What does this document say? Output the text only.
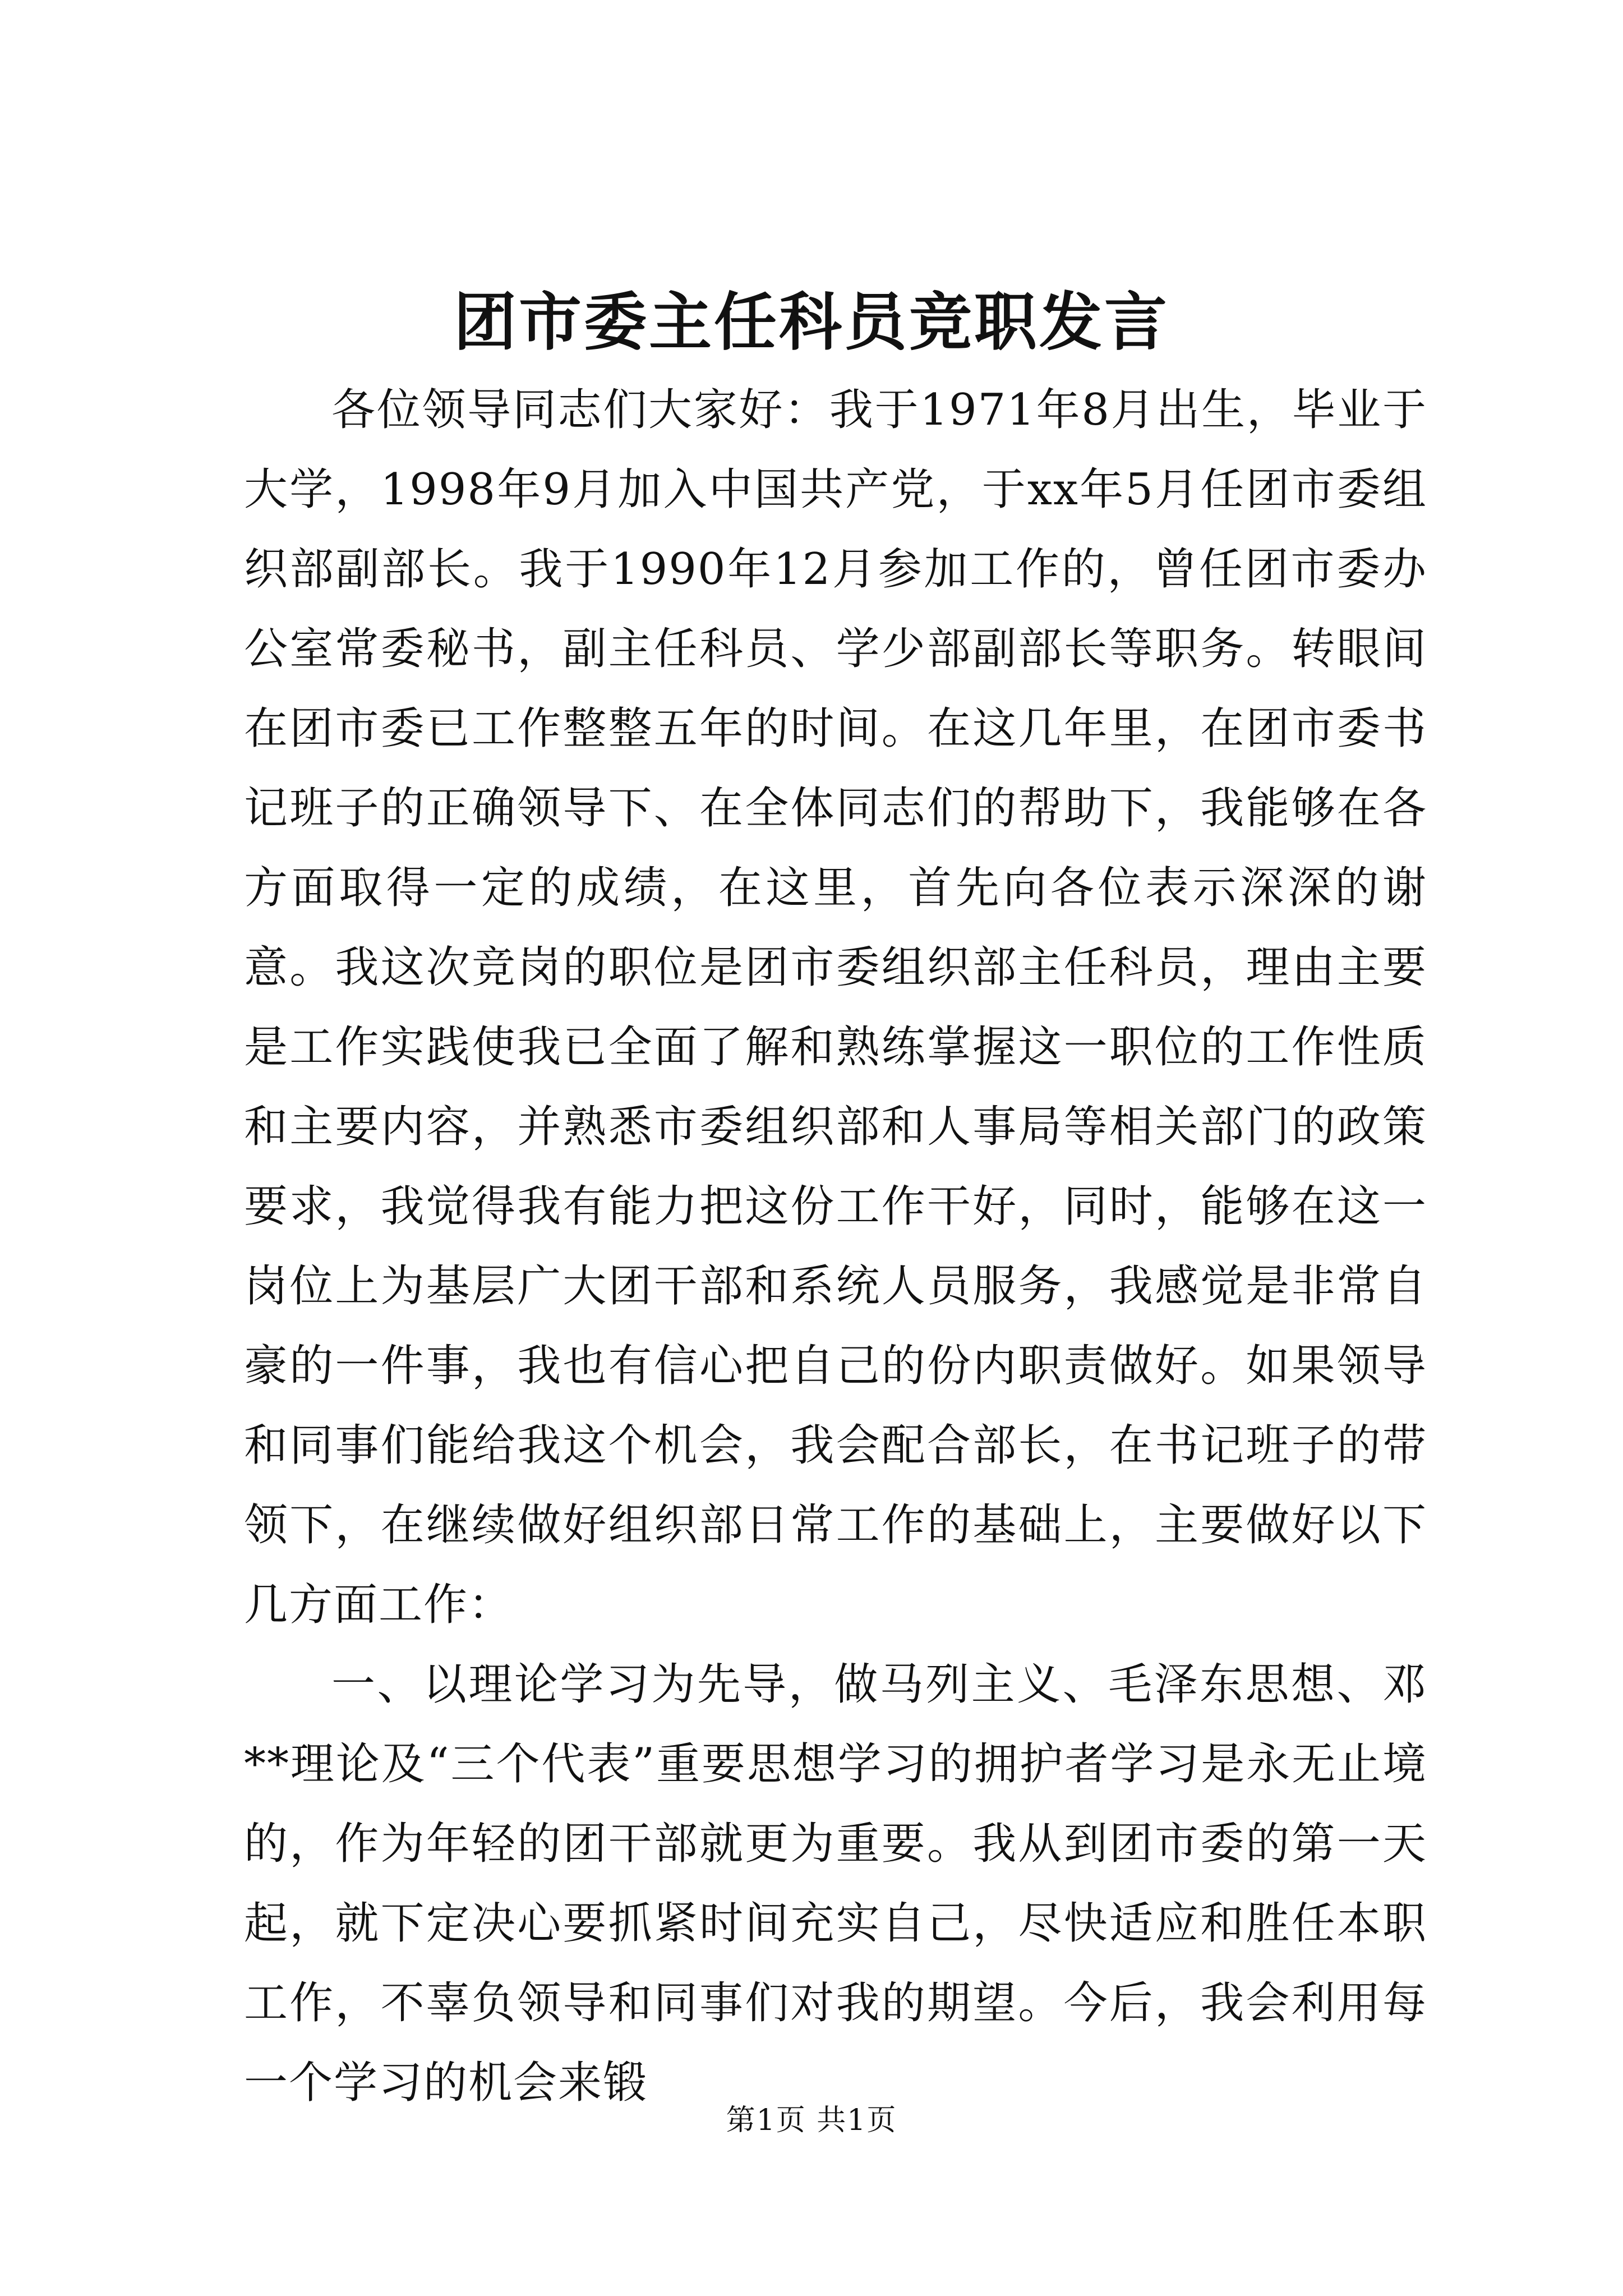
团市委主任科员竞职发言

各位领导同志们大家好：我于1971年8月出生，毕业于大学，1998年9月加入中国共产党，于xx年5月任团市委组织部副部长。我于1990年12月参加工作的，曾任团市委办公室常委秘书，副主任科员、学少部副部长等职务。转眼间在团市委已工作整整五年的时间。在这几年里，在团市委书记班子的正确领导下、在全体同志们的帮助下，我能够在各方面取得一定的成绩，在这里，首先向各位表示深深的谢意。我这次竞岗的职位是团市委组织部主任科员，理由主要是工作实践使我已全面了解和熟练掌握这一职位的工作性质和主要内容，并熟悉市委组织部和人事局等相关部门的政策要求，我觉得我有能力把这份工作干好，同时，能够在这一岗位上为基层广大团干部和系统人员服务，我感觉是非常自豪的一件事，我也有信心把自己的份内职责做好。如果领导和同事们能给我这个机会，我会配合部长，在书记班子的带领下，在继续做好组织部日常工作的基础上，主要做好以下几方面工作：

一、以理论学习为先导，做马列主义、毛泽东思想、邓**理论及“三个代表”重要思想学习的拥护者学习是永无止境的，作为年轻的团干部就更为重要。我从到团市委的第一天起，就下定决心要抓紧时间充实自己，尽快适应和胜任本职工作，不辜负领导和同事们对我的期望。今后，我会利用每一个学习的机会来锻

第1页 共1页
